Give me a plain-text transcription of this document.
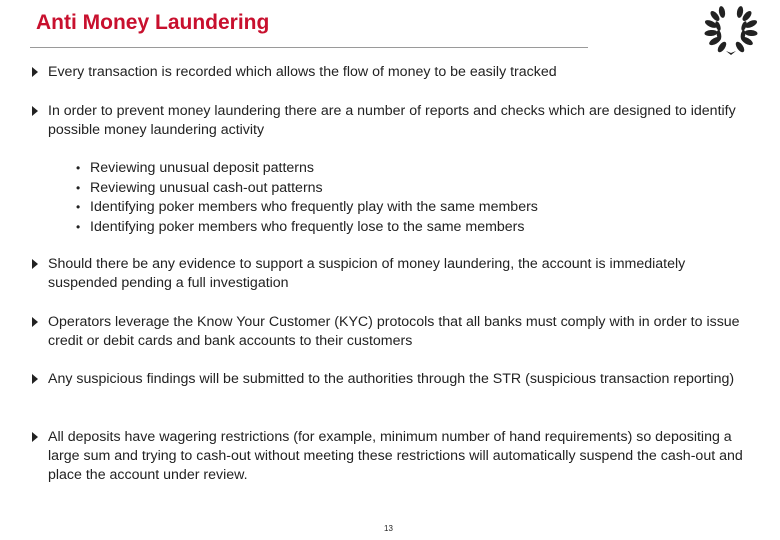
Anti Money Laundering
Every transaction is recorded which allows the flow of money to be easily tracked
In order to prevent money laundering there are a number of reports and checks which are designed to identify possible money laundering activity
• Reviewing unusual deposit patterns
• Reviewing unusual cash-out patterns
• Identifying poker members who frequently play with the same members
• Identifying poker members who frequently lose to the same members
Should there be any evidence to support a suspicion of money laundering, the account is immediately suspended pending a full investigation
Operators leverage the Know Your Customer (KYC) protocols that all banks must comply with in order to issue credit or debit cards and bank accounts to their customers
Any suspicious findings will be submitted to the authorities through the STR (suspicious transaction reporting)
All deposits have wagering restrictions (for example, minimum number of hand requirements) so depositing a large sum and trying to cash-out without meeting these restrictions will automatically suspend the cash-out and place the account under review.
13
